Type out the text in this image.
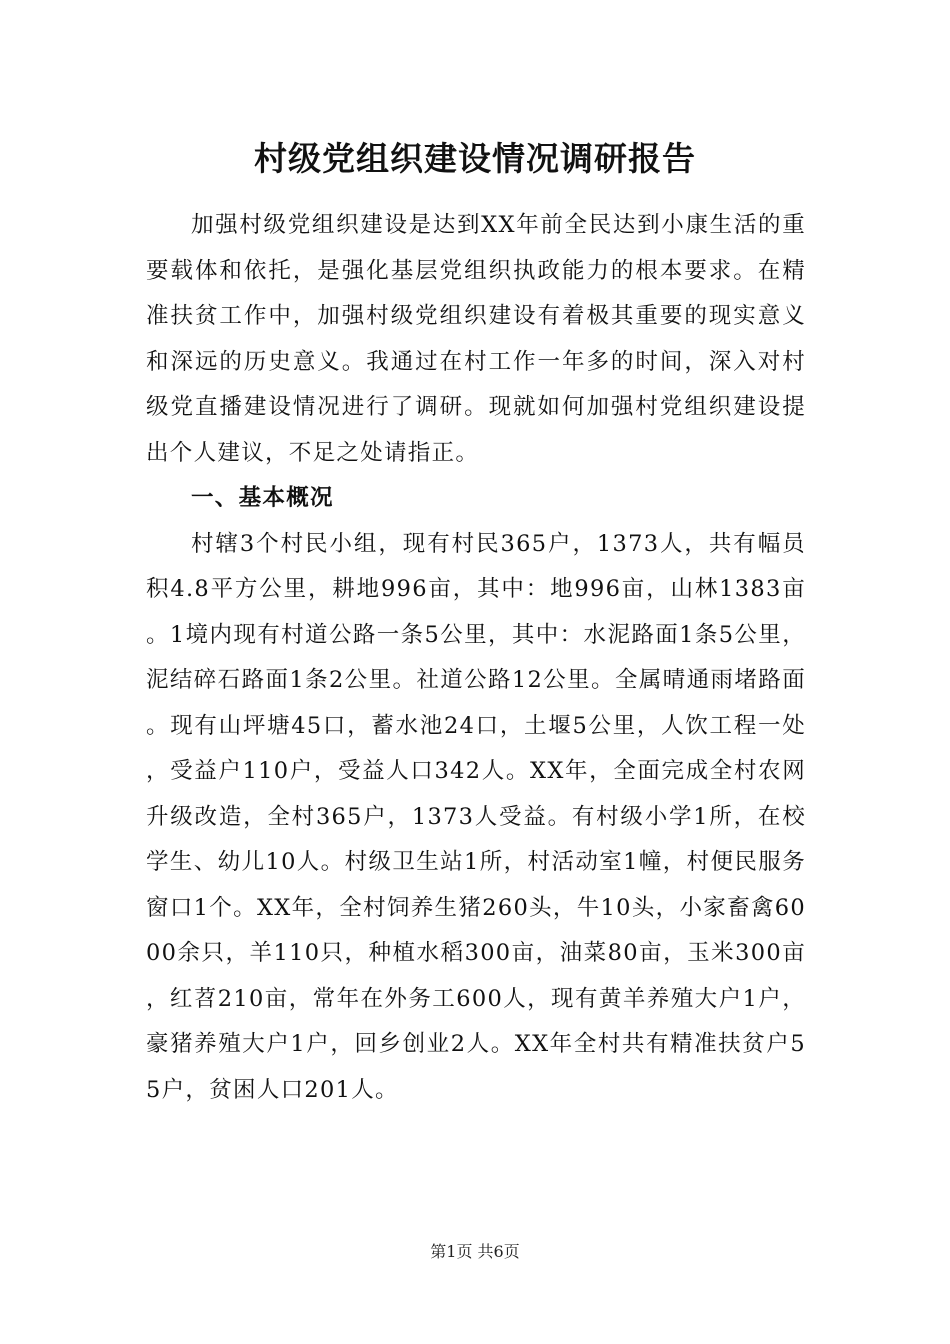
村级党组织建设情况调研报告

加强村级党组织建设是达到XX年前全民达到小康生活的重要载体和依托，是强化基层党组织执政能力的根本要求。在精准扶贫工作中，加强村级党组织建设有着极其重要的现实意义和深远的历史意义。我通过在村工作一年多的时间，深入对村级党直播建设情况进行了调研。现就如何加强村党组织建设提出个人建议，不足之处请指正。

一、基本概况

村辖3个村民小组，现有村民365户，1373人，共有幅员积4.8平方公里，耕地996亩，其中：地996亩，山林1383亩。1境内现有村道公路一条5公里，其中：水泥路面1条5公里，泥结碎石路面1条2公里。社道公路12公里。全属晴通雨堵路面。现有山坪塘45口，蓄水池24口，土堰5公里，人饮工程一处，受益户110户，受益人口342人。XX年，全面完成全村农网升级改造，全村365户，1373人受益。有村级小学1所，在校学生、幼儿10人。村级卫生站1所，村活动室1幢，村便民服务窗口1个。XX年，全村饲养生猪260头，牛10头，小家畜禽6000余只，羊110只，种植水稻300亩，油菜80亩，玉米300亩，红苕210亩，常年在外务工600人，现有黄羊养殖大户1户，豪猪养殖大户1户，回乡创业2人。XX年全村共有精准扶贫户55户，贫困人口201人。

第1页 共6页
